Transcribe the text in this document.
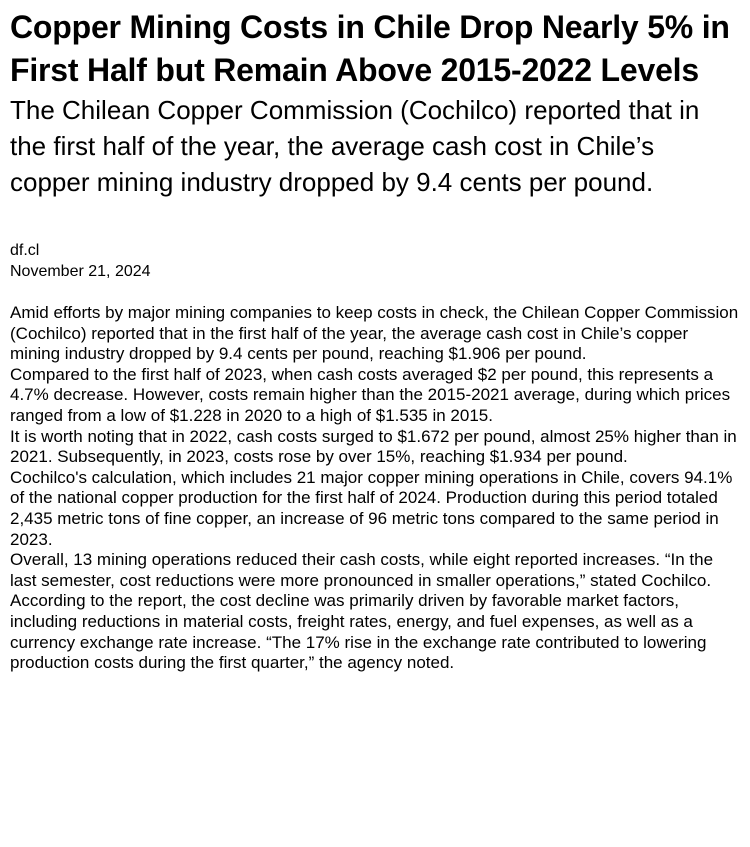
Copper Mining Costs in Chile Drop Nearly 5% in First Half but Remain Above 2015-2022 Levels
The Chilean Copper Commission (Cochilco) reported that in the first half of the year, the average cash cost in Chile’s copper mining industry dropped by 9.4 cents per pound.
df.cl
November 21, 2024

Amid efforts by major mining companies to keep costs in check, the Chilean Copper Commission (Cochilco) reported that in the first half of the year, the average cash cost in Chile’s copper mining industry dropped by 9.4 cents per pound, reaching $1.906 per pound.

Compared to the first half of 2023, when cash costs averaged $2 per pound, this represents a 4.7% decrease. However, costs remain higher than the 2015-2021 average, during which prices ranged from a low of $1.228 in 2020 to a high of $1.535 in 2015.

It is worth noting that in 2022, cash costs surged to $1.672 per pound, almost 25% higher than in 2021. Subsequently, in 2023, costs rose by over 15%, reaching $1.934 per pound.

Cochilco's calculation, which includes 21 major copper mining operations in Chile, covers 94.1% of the national copper production for the first half of 2024. Production during this period totaled 2,435 metric tons of fine copper, an increase of 96 metric tons compared to the same period in 2023.

Overall, 13 mining operations reduced their cash costs, while eight reported increases. “In the last semester, cost reductions were more pronounced in smaller operations,” stated Cochilco.

According to the report, the cost decline was primarily driven by favorable market factors, including reductions in material costs, freight rates, energy, and fuel expenses, as well as a currency exchange rate increase. “The 17% rise in the exchange rate contributed to lowering production costs during the first quarter,” the agency noted.
